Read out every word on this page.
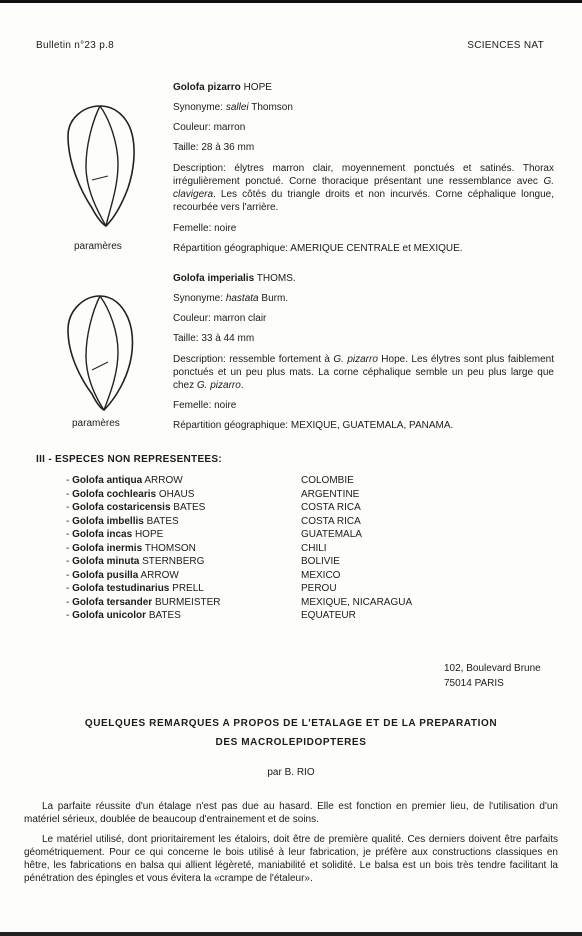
Bulletin n°23 p.8	SCIENCES NAT
paramères
Golofa pizarro HOPE
Synonyme: sallei Thomson
Couleur: marron
Taille: 28 à 36 mm
Description: élytres marron clair, moyennement ponctués et satinés. Thorax irrégulièrement ponctué. Corne thoracique présentant une ressemblance avec G. clavigera. Les côtés du triangle droits et non incurvés. Corne céphalique longue, recourbée vers l'arrière.
Femelle: noire
Répartition géographique: AMERIQUE CENTRALE et MEXIQUE.
paramères
Golofa imperialis THOMS.
Synonyme: hastata Burm.
Couleur: marron clair
Taille: 33 à 44 mm
Description: ressemble fortement à G. pizarro Hope. Les élytres sont plus faiblement ponctués et un peu plus mats. La corne céphalique semble un peu plus large que chez G. pizarro.
Femelle: noire
Répartition géographique: MEXIQUE, GUATEMALA, PANAMA.
III - ESPECES NON REPRESENTEES:
- Golofa antiqua ARROW
- Golofa cochlearis OHAUS
- Golofa costaricensis BATES
- Golofa imbellis BATES
- Golofa incas HOPE
- Golofa inermis THOMSON
- Golofa minuta STERNBERG
- Golofa pusilla ARROW
- Golofa testudinarius PRELL
- Golofa tersander BURMEISTER
- Golofa unicolor BATES
COLOMBIE
ARGENTINE
COSTA RICA
COSTA RICA
GUATEMALA
CHILI
BOLIVIE
MEXICO
PEROU
MEXIQUE, NICARAGUA
EQUATEUR
102, Boulevard Brune
75014 PARIS
QUELQUES REMARQUES A PROPOS DE L'ETALAGE ET DE LA PREPARATION
DES MACROLEPIDOPTERES
par B. RIO
La parfaite réussite d'un étalage n'est pas due au hasard. Elle est fonction en premier lieu, de l'utilisation d'un matériel sérieux, doublée de beaucoup d'entrainement et de soins.
Le matériel utilisé, dont prioritairement les étaloirs, doit être de première qualité. Ces derniers doivent être parfaits géométriquement. Pour ce qui concerne le bois utilisé à leur fabrication, je préfère aux constructions classiques en hêtre, les fabrications en balsa qui allient légèreté, maniabilité et solidité. Le balsa est un bois très tendre facilitant la pénétration des épingles et vous évitera la «crampe de l'étaleur».
